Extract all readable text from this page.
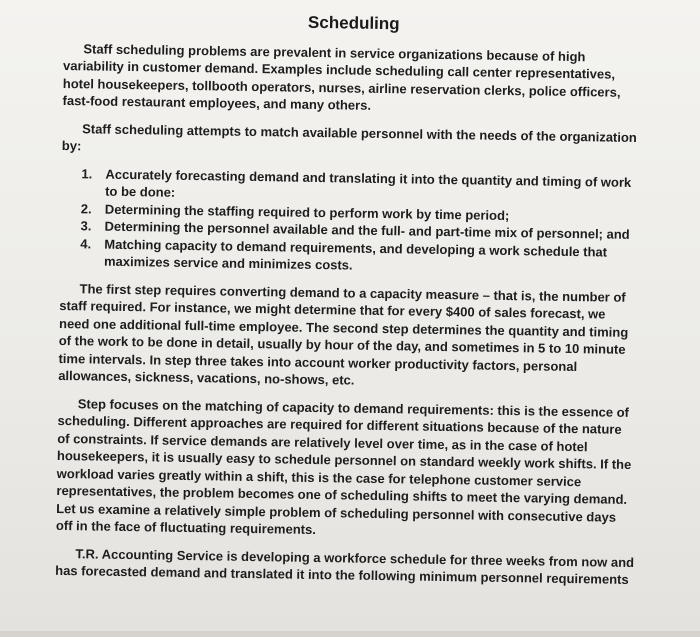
Scheduling

Staff scheduling problems are prevalent in service organizations because of high variability in customer demand. Examples include scheduling call center representatives, hotel housekeepers, tollbooth operators, nurses, airline reservation clerks, police officers, fast-food restaurant employees, and many others.

Staff scheduling attempts to match available personnel with the needs of the organization by:

1. Accurately forecasting demand and translating it into the quantity and timing of work to be done:
2. Determining the staffing required to perform work by time period;
3. Determining the personnel available and the full- and part-time mix of personnel; and
4. Matching capacity to demand requirements, and developing a work schedule that maximizes service and minimizes costs.

The first step requires converting demand to a capacity measure – that is, the number of staff required. For instance, we might determine that for every $400 of sales forecast, we need one additional full-time employee. The second step determines the quantity and timing of the work to be done in detail, usually by hour of the day, and sometimes in 5 to 10 minute time intervals. In step three takes into account worker productivity factors, personal allowances, sickness, vacations, no-shows, etc.

Step focuses on the matching of capacity to demand requirements: this is the essence of scheduling. Different approaches are required for different situations because of the nature of constraints. If service demands are relatively level over time, as in the case of hotel housekeepers, it is usually easy to schedule personnel on standard weekly work shifts. If the workload varies greatly within a shift, this is the case for telephone customer service representatives, the problem becomes one of scheduling shifts to meet the varying demand. Let us examine a relatively simple problem of scheduling personnel with consecutive days off in the face of fluctuating requirements.

T.R. Accounting Service is developing a workforce schedule for three weeks from now and has forecasted demand and translated it into the following minimum personnel requirements
